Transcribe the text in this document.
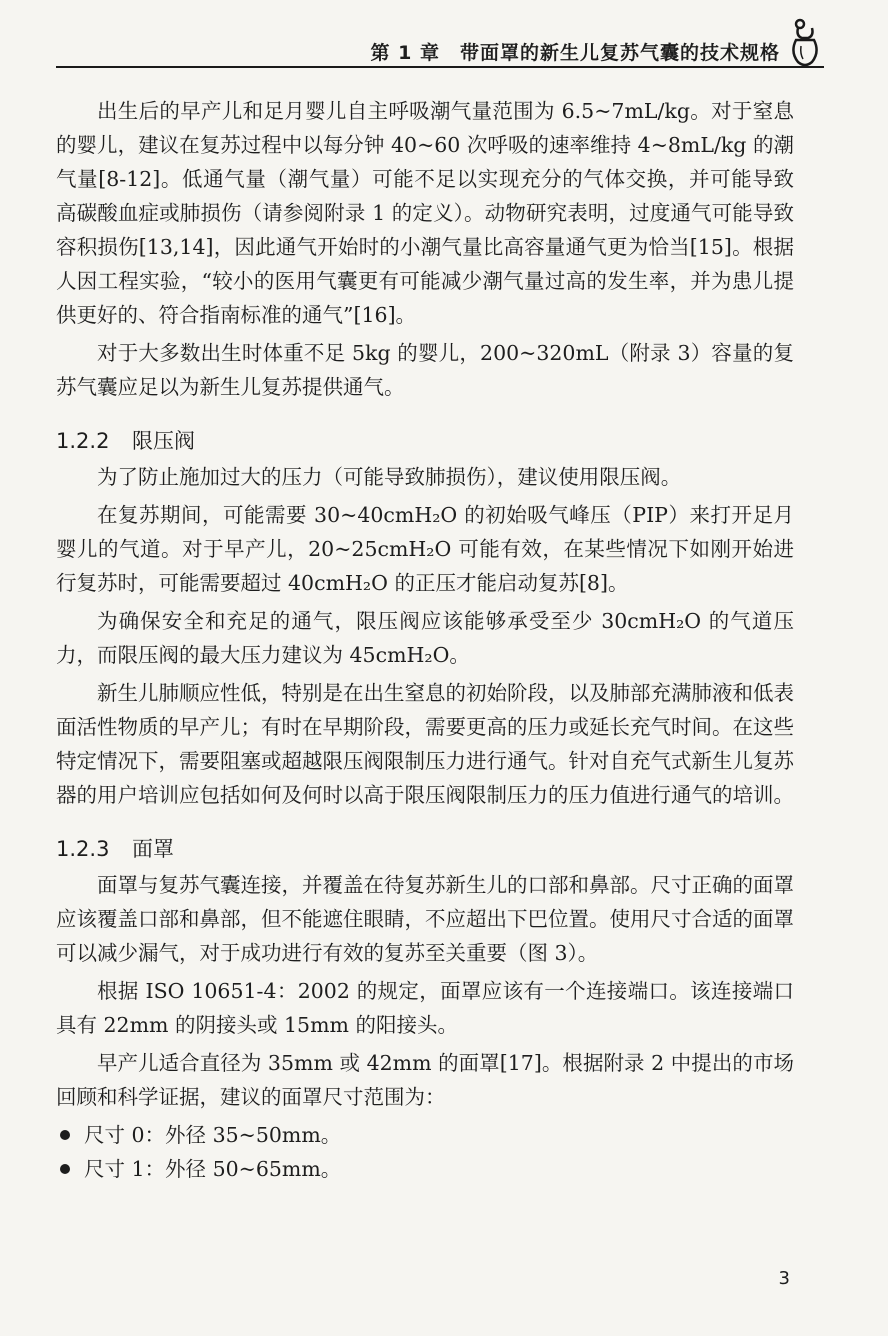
第 1 章　带面罩的新生儿复苏气囊的技术规格

出生后的早产儿和足月婴儿自主呼吸潮气量范围为 6.5~7mL/kg。对于窒息的婴儿，建议在复苏过程中以每分钟 40~60 次呼吸的速率维持 4~8mL/kg 的潮气量[8-12]。低通气量（潮气量）可能不足以实现充分的气体交换，并可能导致高碳酸血症或肺损伤（请参阅附录 1 的定义）。动物研究表明，过度通气可能导致容积损伤[13,14]，因此通气开始时的小潮气量比高容量通气更为恰当[15]。根据人因工程实验，“较小的医用气囊更有可能减少潮气量过高的发生率，并为患儿提供更好的、符合指南标准的通气”[16]。

对于大多数出生时体重不足 5kg 的婴儿，200~320mL（附录 3）容量的复苏气囊应足以为新生儿复苏提供通气。

1.2.2 限压阀

为了防止施加过大的压力（可能导致肺损伤），建议使用限压阀。

在复苏期间，可能需要 30~40cmH₂O 的初始吸气峰压（PIP）来打开足月婴儿的气道。对于早产儿，20~25cmH₂O 可能有效，在某些情况下如刚开始进行复苏时，可能需要超过 40cmH₂O 的正压才能启动复苏[8]。

为确保安全和充足的通气，限压阀应该能够承受至少 30cmH₂O 的气道压力，而限压阀的最大压力建议为 45cmH₂O。

新生儿肺顺应性低，特别是在出生窒息的初始阶段，以及肺部充满肺液和低表面活性物质的早产儿；有时在早期阶段，需要更高的压力或延长充气时间。在这些特定情况下，需要阻塞或超越限压阀限制压力进行通气。针对自充气式新生儿复苏器的用户培训应包括如何及何时以高于限压阀限制压力的压力值进行通气的培训。

1.2.3 面罩

面罩与复苏气囊连接，并覆盖在待复苏新生儿的口部和鼻部。尺寸正确的面罩应该覆盖口部和鼻部，但不能遮住眼睛，不应超出下巴位置。使用尺寸合适的面罩可以减少漏气，对于成功进行有效的复苏至关重要（图 3）。

根据 ISO 10651-4：2002 的规定，面罩应该有一个连接端口。该连接端口具有 22mm 的阴接头或 15mm 的阳接头。

早产儿适合直径为 35mm 或 42mm 的面罩[17]。根据附录 2 中提出的市场回顾和科学证据，建议的面罩尺寸范围为：

尺寸 0：外径 35~50mm。
尺寸 1：外径 50~65mm。
3
